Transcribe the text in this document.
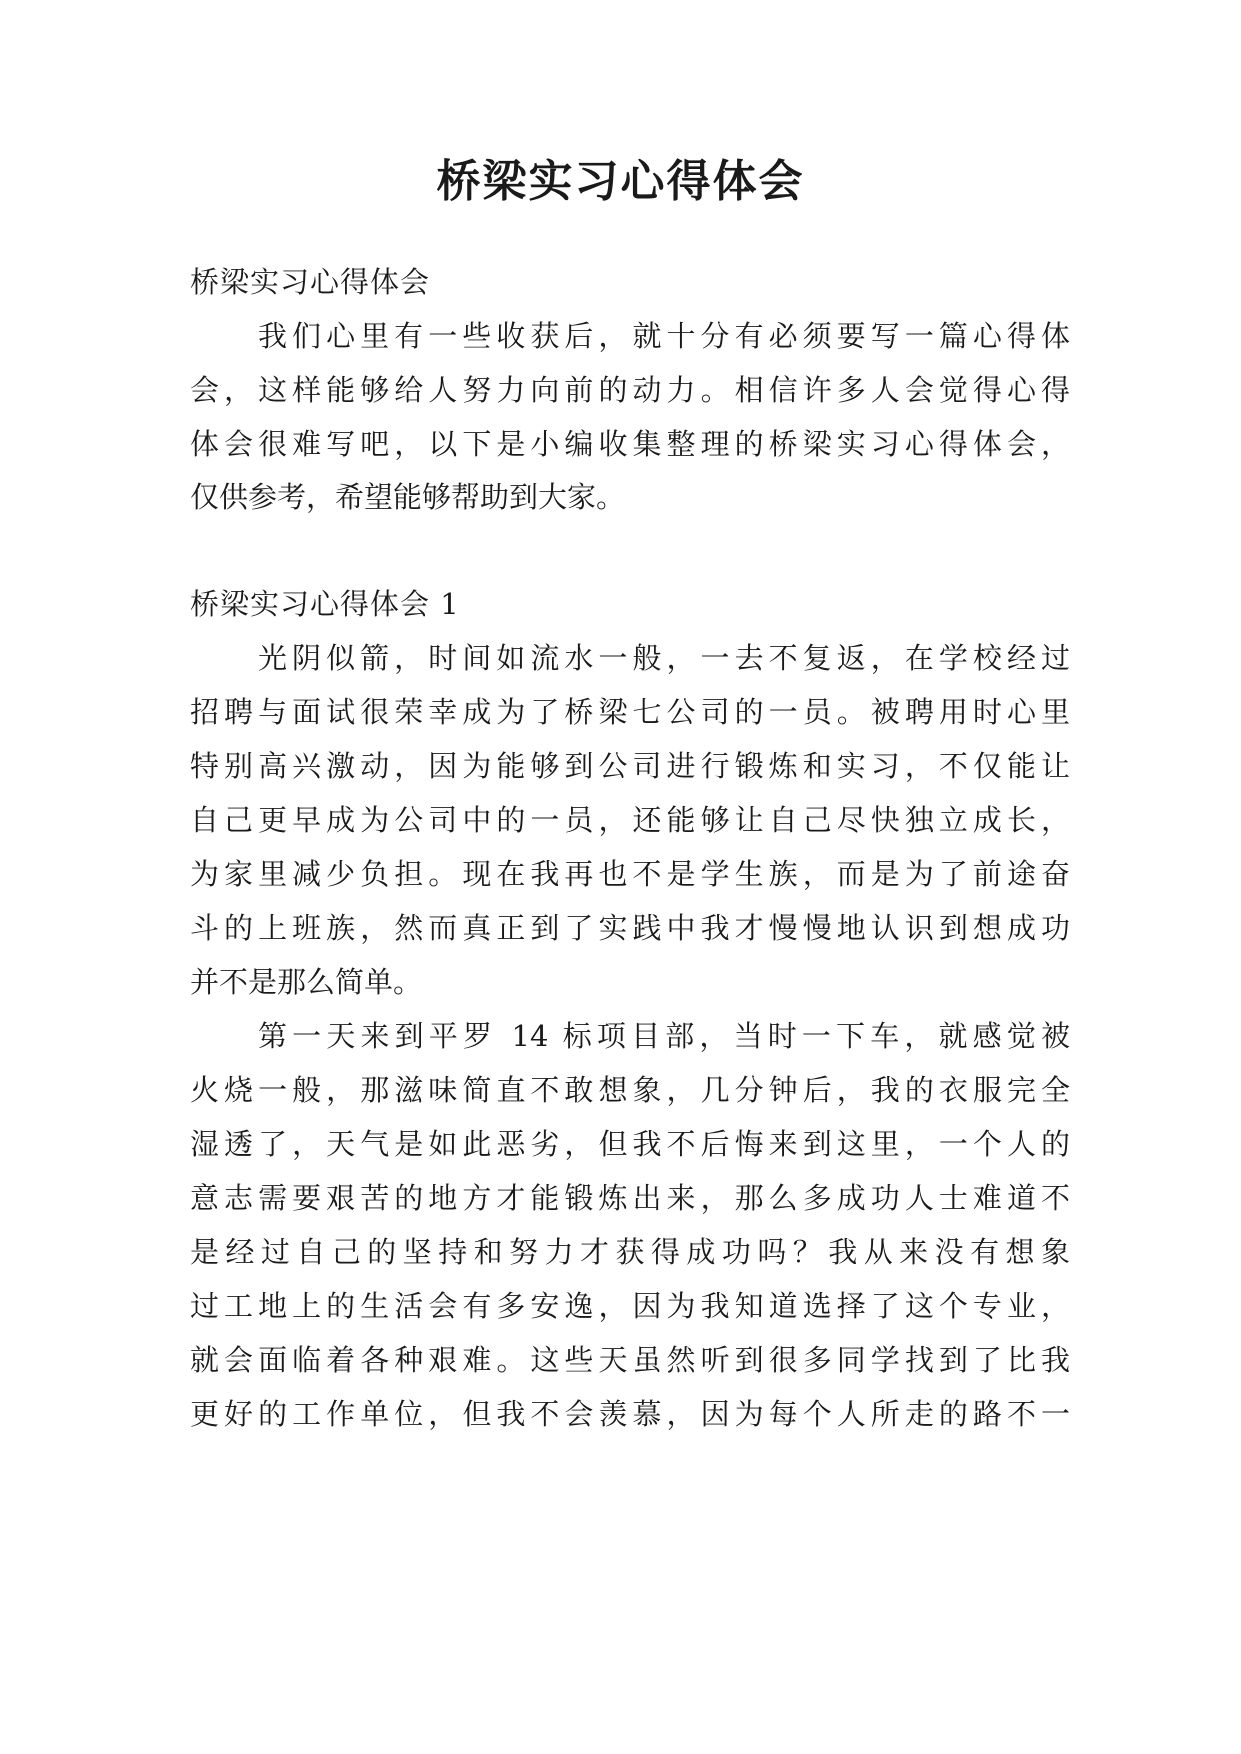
桥梁实习心得体会

桥梁实习心得体会

我们心里有一些收获后，就十分有必须要写一篇心得体

会，这样能够给人努力向前的动力。相信许多人会觉得心得

体会很难写吧，以下是小编收集整理的桥梁实习心得体会，

仅供参考，希望能够帮助到大家。

桥梁实习心得体会 1

光阴似箭，时间如流水一般，一去不复返，在学校经过

招聘与面试很荣幸成为了桥梁七公司的一员。被聘用时心里

特别高兴激动，因为能够到公司进行锻炼和实习，不仅能让

自己更早成为公司中的一员，还能够让自己尽快独立成长，

为家里减少负担。现在我再也不是学生族，而是为了前途奋

斗的上班族，然而真正到了实践中我才慢慢地认识到想成功

并不是那么简单。

第一天来到平罗 14 标项目部，当时一下车，就感觉被

火烧一般，那滋味简直不敢想象，几分钟后，我的衣服完全

湿透了，天气是如此恶劣，但我不后悔来到这里，一个人的

意志需要艰苦的地方才能锻炼出来，那么多成功人士难道不

是经过自己的坚持和努力才获得成功吗？我从来没有想象

过工地上的生活会有多安逸，因为我知道选择了这个专业，

就会面临着各种艰难。这些天虽然听到很多同学找到了比我

更好的工作单位，但我不会羡慕，因为每个人所走的路不一
